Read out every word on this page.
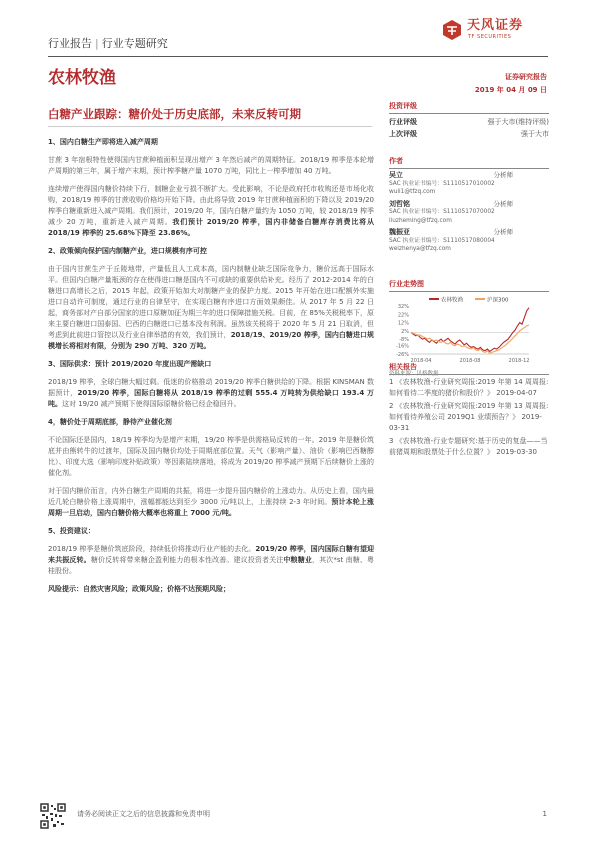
行业报告 | 行业专题研究
天风证券
TF SECURITIES
农林牧渔	证券研究报告
2019 年 04 月 09 日
白糖产业跟踪：糖价处于历史底部，未来反转可期
1、国内白糖生产即将进入减产周期
甘蔗 3 年宿根特性使得国内甘蔗种植面积呈现出增产 3 年然后减产的周期特征。2018/19 榨季是本轮增产周期的第三年，属于增产末期，预计榨季糖产量 1070 万吨，同比上一榨季增加 40 万吨。
连续增产使得国内糖价持续下行，制糖企业亏损不断扩大。受此影响，不论是政府托市收购还是市场化收购，2018/19 榨季的甘蔗收购价格均开始下降。由此将导致 2019 年甘蔗种植面积的下降以及 2019/20 榨季白糖重新进入减产周期。我们预计，2019/20 年，国内白糖产量约为 1050 万吨，较 2018/19 榨季减少 20 万吨，重新进入减产周期。我们预计 2019/20 榨季，国内非储备白糖库存消费比将从 2018/19 榨季的 25.68%下降至 23.86%。
2、政策倾向保护国内制糖产业，进口规模有序可控
由于国内甘蔗生产于丘陵地带，产量低且人工成本高，国内制糖业缺乏国际竞争力，糖价远高于国际水平。但国内白糖产量瓶颈的存在使得进口糖是国内不可或缺的重要供给补充。经历了 2012-2014 年的白糖进口高增长之后，2015 年起，政策开始加大对制糖产业的保护力度。2015 年开始在进口配额外实施进口自动许可制度，通过行业的自律坚守，在实现白糖有序进口方面效果颇佳。从 2017 年 5 月 22 日起，商务部对产自部分国家的进口原糖加征为期三年的进口保障措施关税。目前，在 85%关税税率下，原来主要白糖进口国泰国、巴西的白糖进口已基本没有利润。虽然该关税将于 2020 年 5 月 21 日取消，但考虑到此前进口管控以及行业自律举措的有效，我们预计，2018/19、2019/20 榨季，国内白糖进口规模增长将相对有限，分别为 290 万吨、320 万吨。
3、国际供求：预计 2019/2020 年度出现产需缺口
2018/19 榨季，全球白糖大幅过剩。低迷的价格推动 2019/20 榨季白糖供给的下降。根据 KINSMAN 数据预计，2019/20 榨季，国际白糖将从 2018/19 榨季的过剩 555.4 万吨转为供给缺口 193.4 万吨。这对 19/20 减产预期下使得国际原糖价格已经企稳回升。
4，糖价处于周期底部，静待产业催化剂
不论国际还是国内，18/19 榨季均为是增产末期，19/20 榨季是供需格局反转的一年。2019 年是糖价筑底并由熊转牛的过渡年，国际及国内糖价均处于周期底部位置。天气（影响产量）、油价（影响巴西糖醇比）、印度大选（影响印度补贴政策）等因素陆续落地，将成为 2019/20 榨季减产预期下后续糖价上涨的催化剂。
对于国内糖价而言，内外白糖生产周期的共振，将进一步提升国内糖价的上涨动力。从历史上看，国内最近几轮白糖价格上涨周期中，涨幅都能达到至少 3000 元/吨以上，上涨持续 2-3 年时间。预计本轮上涨周期一旦启动，国内白糖价格大概率也将重上 7000 元/吨。
5、投资建议：
2018/19 榨季是糖价筑底阶段，持续低价将推动行业产能的去化。2019/20 榨季，国内国际白糖有望迎来共振反转。糖价反转将带来糖企盈利能力的根本性改善。建议投资者关注中粮糖业，其次*st 南糖、粤桂股份。
风险提示：自然灾害风险；政策风险；价格不达预期风险；
投资评级
行业评级	强于大市(维持评级)
上次评级	强于大市
作者
吴立	分析师
SAC 执业证书编号：S1110517010002
wuli1@tfzq.com
刘哲铭	分析师
SAC 执业证书编号：S1110517070002
liuzheming@tfzq.com
魏振亚	分析师
SAC 执业证书编号：S1110517080004
weizhenya@tfzq.com
行业走势图
农林牧渔	沪深300
32%
22%
12%
2%
-8%
-16%
-26%
2018-04	2018-08	2018-12
相关报告
1 《农林牧渔-行业研究周报:2019 年第 14 周周报:如何看待二季度的猪价和股价？》 2019-04-07
2 《农林牧渔-行业研究周报:2019 年第 13 周周报:如何看待养殖公司 2019Q1 业绩预告？》 2019-03-31
3 《农林牧渔-行业专题研究:基于历史的复盘——当前猪周期和股票处于什么位置？》 2019-03-30
请务必阅读正文之后的信息披露和免责申明	1
